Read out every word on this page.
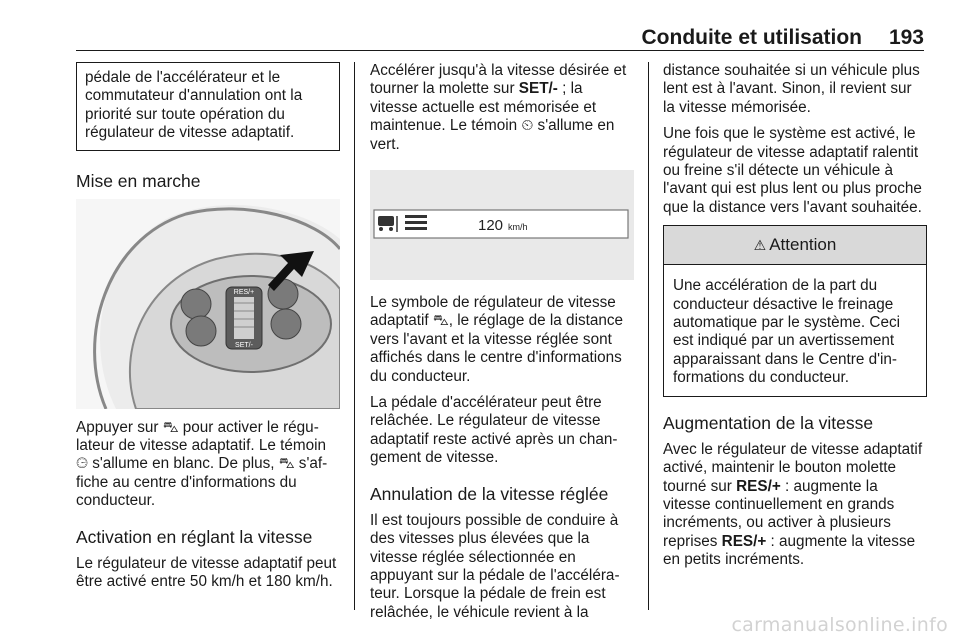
Conduite et utilisation 193
pédale de l'accélérateur et le commutateur d'annulation ont la priorité sur toute opération du régulateur de vitesse adaptatif.
Mise en marche
RES/+
SET/-

Appuyer sur ⛍ pour activer le régulateur de vitesse adaptatif. Le témoin ⏲ s'allume en blanc. De plus, ⛍ s'affiche au centre d'informations du conducteur.

Activation en réglant la vitesse

Le régulateur de vitesse adaptatif peut être activé entre 50 km/h et 180 km/h.

Accélérer jusqu'à la vitesse désirée et tourner la molette sur SET/- ; la vitesse actuelle est mémorisée et maintenue. Le témoin ⏲ s'allume en vert.

120 km/h

Le symbole de régulateur de vitesse adaptatif ⛍, le réglage de la distance vers l'avant et la vitesse réglée sont affichés dans le centre d'informations du conducteur.

La pédale d'accélérateur peut être relâchée. Le régulateur de vitesse adaptatif reste activé après un changement de vitesse.

Annulation de la vitesse réglée

Il est toujours possible de conduire à des vitesses plus élevées que la vitesse réglée sélectionnée en appuyant sur la pédale de l'accélérateur. Lorsque la pédale de frein est relâchée, le véhicule revient à la

distance souhaitée si un véhicule plus lent est à l'avant. Sinon, il revient sur la vitesse mémorisée.

Une fois que le système est activé, le régulateur de vitesse adaptatif ralentit ou freine s'il détecte un véhicule à l'avant qui est plus lent ou plus proche que la distance vers l'avant souhaitée.

⚠ Attention
Une accélération de la part du conducteur désactive le freinage automatique par le système. Ceci est indiqué par un avertissement apparaissant dans le Centre d'informations du conducteur.
Augmentation de la vitesse

Avec le régulateur de vitesse adaptatif activé, maintenir le bouton molette tourné sur RES/+ : augmente la vitesse continuellement en grands incréments, ou activer à plusieurs reprises RES/+ : augmente la vitesse en petits incréments.

carmanualsonline.info
